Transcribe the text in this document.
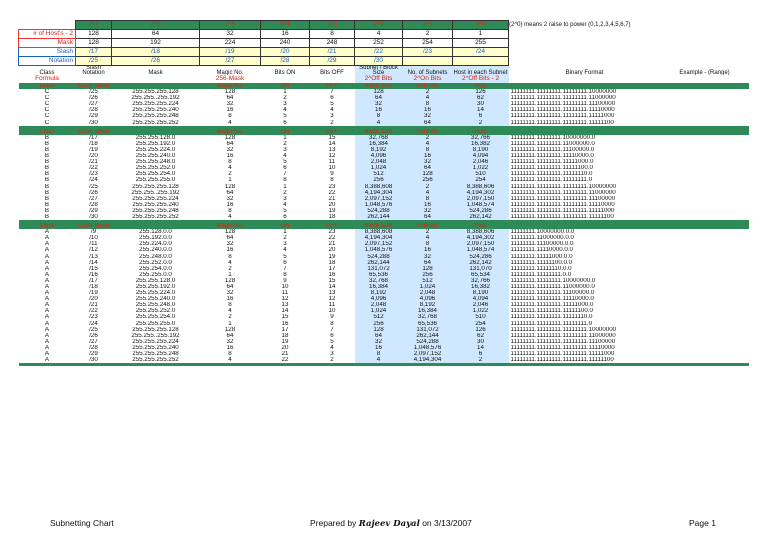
	2^7	2^6	2^5	2^4	2^3	2^2	2^1	2^0	(2^0) means 2 raise to power (0,1,2,3,4,5,6,7)	
# of Host's - 2	128	64	32	16	8	4	2	1		
Mask	128	192	224	240	248	252	254	255		
Slash	/17	/18	/19	/20	/21	/22	/23	/24		
Notation	/25	/26	/27	/28	/29	/30				
Class	Slash Notation	Mask	Magic No.	Bits ON	Bits OFF	Subnet / Block Size	No. of Subnets	Host in each Subnet	Binary Format	Example - (Range)
Formula			256-Mask			2^Off Bits	2^On Bits	2^Off Bits - 2		
Class	CIDR Value		Magic No.	ON	OFF	Block Size	Subnets	Host		
C	/25	255.255.255.128	128	1	7	128	2	126	11111111.11111111.11111111.10000000	
C	/26	255.255..255.192	64	2	6	64	4	62	11111111.11111111.11111111.11000000	
C	/27	255.255.255.224	32	3	5	32	8	30	11111111.11111111.11111111.11100000	
C	/28	255.255.255.240	16	4	4	16	16	14	11111111.11111111.11111111.11110000	
C	/29	255.255.255.248	8	5	3	8	32	6	11111111.11111111.11111111.11111000	
C	/30	255.255.255.252	4	6	2	4	64	2	11111111.11111111.11111111.11111100	

Class	CIDR Value		Magic No.	ON	OFF	Block Size	Subnets	Host		
B	/17	255.255.128.0	128	1	15	32,768	2	32,766	11111111.11111111.10000000.0	
B	/18	255.255.192.0	64	2	14	16,384	4	16,382	11111111.11111111.11000000.0	
B	/19	255.255.224.0	32	3	13	8,192	8	8,190	11111111.11111111.11100000.0	
B	/20	255.255.240.0	16	4	12	4,096	16	4,094	11111111.11111111.11110000.0	
B	/21	255.255.248.0	8	5	11	2,048	32	2,046	11111111.11111111.11111000.0	
B	/22	255.255.252.0	4	6	10	1,024	64	1,022	11111111.11111111.11111100.0	
B	/23	255.255.254.0	2	7	9	512	128	510	11111111.11111111.11111110.0	
B	/24	255.255.255.0	1	8	8	256	256	254	11111111.11111111.11111111.0	
B	/25	255.255.255.128	128	1	23	8,388,608	2	8,388,606	11111111.11111111.11111111.10000000	
B	/26	255.255..255.192	64	2	22	4,194,304	4	4,194,302	11111111.11111111.11111111.11000000	
B	/27	255.255.255.224	32	3	21	2,097,152	8	2,097,150	11111111.11111111.11111111.11100000	
B	/28	255.255.255.240	16	4	20	1,048,576	16	1,048,574	11111111.11111111.11111111.11110000	
B	/29	255.255.255.248	8	5	19	524,288	32	524,286	11111111.11111111.11111111.11111000	
B	/30	255.255.255.252	4	6	18	262,144	64	262,142	11111111.11111111.11111111.11111100	

Class	CIDR Value		Magic No.	ON	OFF	Block Size	Subnets	Host		
A	/9	255.128.0.0	128	1	23	8,388,608	2	8,388,606	11111111.10000000.0.0	
A	/10	255.192.0.0	64	2	22	4,194,304	4	4,194,302	11111111.11000000.0.0	
A	/11	255.224.0.0	32	3	21	2,097,152	8	2,097,150	11111111.11100000.0.0	
A	/12	255.240.0.0	16	4	20	1,048,576	16	1,048,574	11111111.11110000.0.0	
A	/13	255.248.0.0	8	5	19	524,288	32	524,286	11111111.11111000.0.0	
A	/14	255.252.0.0	4	6	18	262,144	64	262,142	11111111.11111100.0.0	
A	/15	255.254.0.0	2	7	17	131,072	128	131,070	11111111.11111110.0.0	
A	/16	255.255.0.0	1	8	16	65,536	256	65,534	11111111.11111111.0.0	
A	/17	255.255.128.0	128	9	15	32,768	512	32,766	11111111.11111111.10000000.0	
A	/18	255.255.192.0	64	10	14	16,384	1,024	16,382	11111111.11111111.11000000.0	
A	/19	255.255.224.0	32	11	13	8,192	2,048	8,190	11111111.11111111.11100000.0	
A	/20	255.255.240.0	16	12	12	4,096	4,096	4,094	11111111.11111111.11110000.0	
A	/21	255.255.248.0	8	13	11	2,048	8,192	2,046	11111111.11111111.11111000.0	
A	/22	255.255.252.0	4	14	10	1,024	16,384	1,022	11111111.11111111.11111100.0	
A	/23	255.255.254.0	2	15	9	512	32,768	510	11111111.11111111.11111110.0	
A	/24	255.255.255.0	1	16	8	256	65,536	254	11111111.11111111.11111111.0	
A	/25	255.255.255.128	128	17	7	128	131,072	126	11111111.11111111.11111111.10000000	
A	/26	255.255..255.192	64	18	6	64	262,144	62	11111111.11111111.11111111.11000000	
A	/27	255.255.255.224	32	19	5	32	524,288	30	11111111.11111111.11111111.11100000	
A	/28	255.255.255.240	16	20	4	16	1,048,576	14	11111111.11111111.11111111.11110000	
A	/29	255.255.255.248	8	21	3	8	2,097,152	6	11111111.11111111.11111111.11111000	
A	/30	255.255.255.252	4	22	2	4	4,194,304	2	11111111.11111111.11111111.11111100	

Subnetting Chart	Prepared by Rajeev Dayal on 3/13/2007	Page 1
